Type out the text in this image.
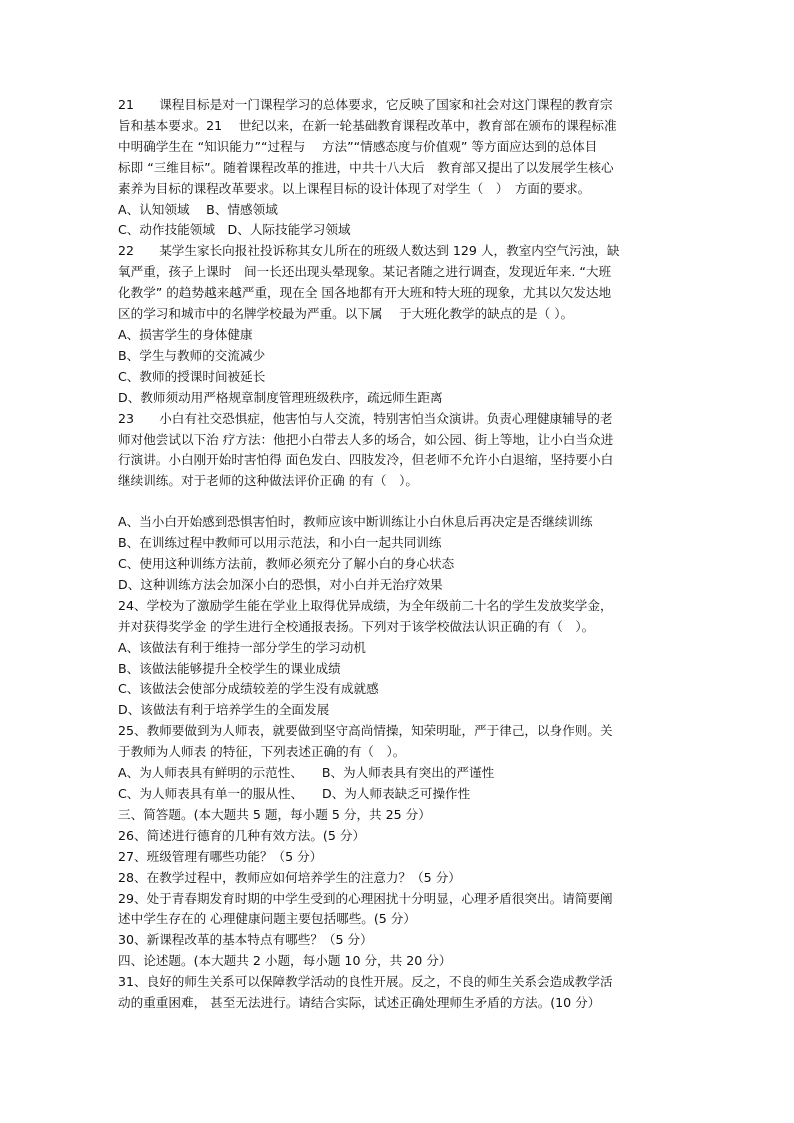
21　　课程目标是对一门课程学习的总体要求，它反映了国家和社会对这门课程的教育宗
旨和基本要求。21　 世纪以来，在新一轮基础教育课程改革中，教育部在颁布的课程标准
中明确学生在 “知识能力”“过程与　 方法”“情感态度与价值观” 等方面应达到的总体目
标即 “三维目标”。随着课程改革的推进，中共十八大后　教育部又提出了以发展学生核心
素养为目标的课程改革要求。以上课程目标的设计体现了对学生（　）　方面的要求。
A、认知领域　 B、情感领域
C、动作技能领域　D、人际技能学习领域
22　　某学生家长向报社投诉称其女儿所在的班级人数达到 129 人，教室内空气污浊，缺
氧严重，孩子上课时　间一长还出现头晕现象。某记者随之进行调查，发现近年来. “大班
化教学” 的趋势越来越严重，现在全 国各地都有开大班和特大班的现象，尤其以欠发达地
区的学习和城市中的名牌学校最为严重。以下属　 于大班化教学的缺点的是（ ）。
A、损害学生的身体健康
B、学生与教师的交流减少
C、教师的授课时间被延长
D、教师须动用严格规章制度管理班级秩序，疏远师生距离
23　　小白有社交恐惧症，他害怕与人交流，特别害怕当众演讲。负责心理健康辅导的老
师对他尝试以下治 疗方法：他把小白带去人多的场合，如公园、街上等地，让小白当众进
行演讲。小白刚开始时害怕得 面色发白、四肢发冷，但老师不允许小白退缩，坚持要小白
继续训练。对于老师的这种做法评价正确 的有（　）。
A、当小白开始感到恐惧害怕时，教师应该中断训练让小白休息后再决定是否继续训练
B、在训练过程中教师可以用示范法，和小白一起共同训练
C、使用这种训练方法前，教师必须充分了解小白的身心状态
D、这种训练方法会加深小白的恐惧，对小白并无治疗效果
24、学校为了激励学生能在学业上取得优异成绩，为全年级前二十名的学生发放奖学金，
并对获得奖学金 的学生进行全校通报表扬。下列对于该学校做法认识正确的有（　）。
A、该做法有利于维持一部分学生的学习动机
B、该做法能够提升全校学生的课业成绩
C、该做法会使部分成绩较差的学生没有成就感
D、该做法有利于培养学生的全面发展
25、教师要做到为人师表，就要做到坚守高尚情操，知荣明耻，严于律己，以身作则。关
于教师为人师表 的特征，下列表述正确的有（　）。
A、为人师表具有鲜明的示范性、　　B、为人师表具有突出的严谨性
C、为人师表具有单一的服从性、　　D、为人师表缺乏可操作性
三、简答题。(本大题共 5 题，每小题 5 分，共 25 分）
26、简述进行德育的几种有效方法。(5 分）
27、班级管理有哪些功能？（5 分）
28、在教学过程中，教师应如何培养学生的注意力？（5 分）
29、处于青春期发育时期的中学生受到的心理困扰十分明显，心理矛盾很突出。请简要阐
述中学生存在的 心理健康问题主要包括哪些。(5 分）
30、新课程改革的基本特点有哪些？（5 分）
四、论述题。(本大题共 2 小题，每小题 10 分，共 20 分）
31、良好的师生关系可以保障教学活动的良性开展。反之，不良的师生关系会造成教学活
动的重重困难， 甚至无法进行。请结合实际，试述正确处理师生矛盾的方法。(10 分）
